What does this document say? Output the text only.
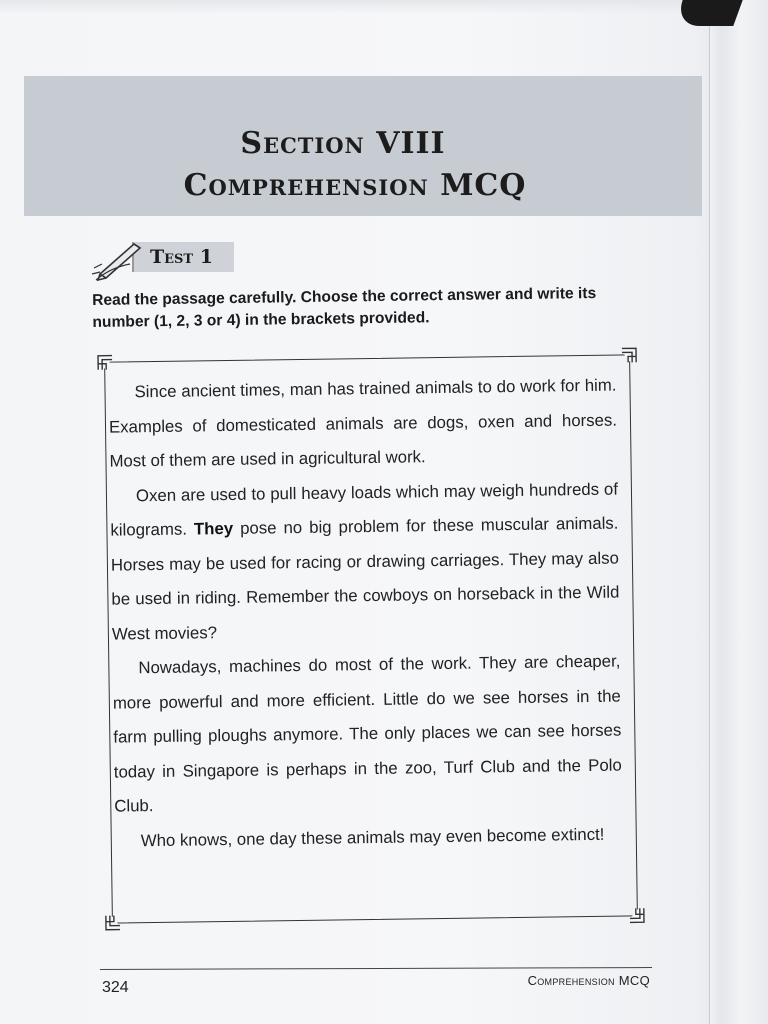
Section VIII
Comprehension MCQ
Test 1
Read the passage carefully. Choose the correct answer and write its number (1, 2, 3 or 4) in the brackets provided.

Since ancient times, man has trained animals to do work for him. Examples of domesticated animals are dogs, oxen and horses. Most of them are used in agricultural work.

Oxen are used to pull heavy loads which may weigh hundreds of kilograms. They pose no big problem for these muscular animals. Horses may be used for racing or drawing carriages. They may also be used in riding. Remember the cowboys on horseback in the Wild West movies?

Nowadays, machines do most of the work. They are cheaper, more powerful and more efficient. Little do we see horses in the farm pulling ploughs anymore. The only places we can see horses today in Singapore is perhaps in the zoo, Turf Club and the Polo Club.

Who knows, one day these animals may even become extinct!

324	Comprehension MCQ
